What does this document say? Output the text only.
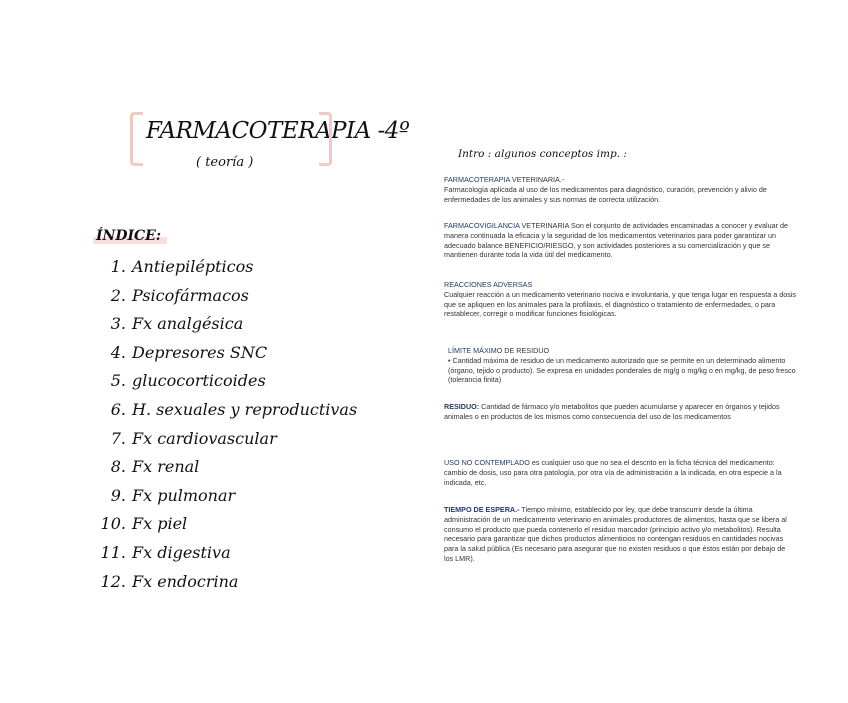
FARMACOTERAPIA -4º
( teoría )
ÍNDICE:
1. Antiepilépticos
2. Psicofármacos
3. Fx analgésica
4. Depresores SNC
5. glucocorticoides
6. H. sexuales y reproductivas
7. Fx cardiovascular
8. Fx renal
9. Fx pulmonar
10. Fx piel
11. Fx digestiva
12. Fx endocrina
Intro : algunos conceptos imp. :

FARMACOTERAPIA VETERINARIA.-

Farmacología aplicada al uso de los medicamentos para diagnóstico, curación, prevención y alivio de enfermedades de los animales y sus normas de correcta utilización.

FARMACOVIGILANCIA VETERINARIA Son el conjunto de actividades encaminadas a conocer y evaluar de manera continuada la eficacia y la seguridad de los medicamentos veterinarios para poder garantizar un adecuado balance BENEFICIO/RIESGO, y son actividades posteriores a su comercialización y que se mantienen durante toda la vida útil del medicamento.

REACCIONES ADVERSAS

Cualquier reacción a un medicamento veterinario nociva e involuntaria, y que tenga lugar en respuesta a dosis que se apliquen en los animales para la profilaxis, el diagnóstico o tratamiento de enfermedades, o para restablecer, corregir o modificar funciones fisiológicas.

LÍMITE MÁXIMO DE RESIDUO

• Cantidad máxima de residuo de un medicamento autorizado que se permite en un determinado alimento (órgano, tejido o producto). Se expresa en unidades ponderales de mg/g o mg/kg o en mg/kg, de peso fresco (tolerancia finita)

RESIDUO: Cantidad de fármaco y/o metabolitos que pueden acumularse y aparecer en órganos y tejidos animales o en productos de los mismos como consecuencia del uso de los medicamentos

USO NO CONTEMPLADO es cualquier uso que no sea el descrito en la ficha técnica del medicamento: cambio de dosis, uso para otra patología, por otra vía de administración a la indicada, en otra especie a la indicada, etc.

TIEMPO DE ESPERA.- Tiempo mínimo, establecido por ley, que debe transcurrir desde la última administración de un medicamento veterinario en animales productores de alimentos, hasta que se libera al consumo el producto que pueda contenerlo el residuo marcador (principio activo y/o metabolitos). Resulta necesario para garantizar que dichos productos alimenticios no contengan residuos en cantidades nocivas para la salud pública (Es necesario para asegurar que no existen residuos o que éstos están por debajo de los LMR).
